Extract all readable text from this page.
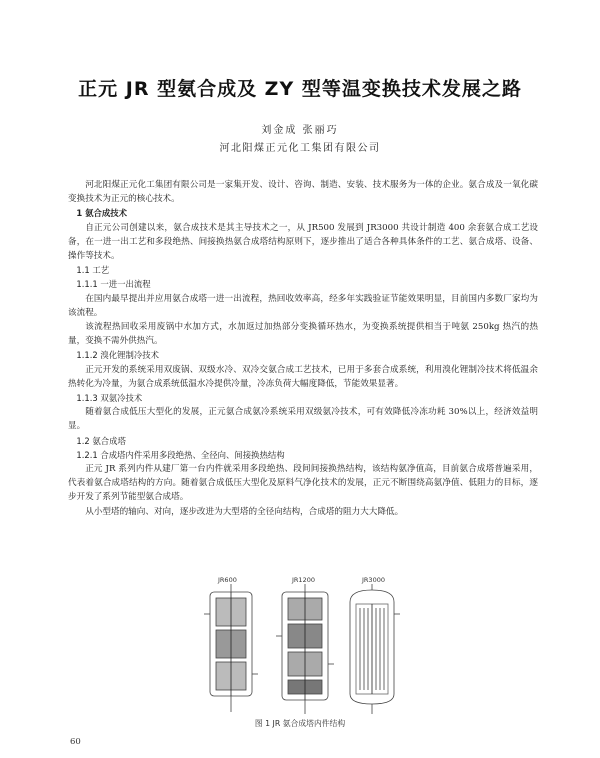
正元 JR 型氨合成及 ZY 型等温变换技术发展之路
刘金成 张丽巧
河北阳煤正元化工集团有限公司

河北阳煤正元化工集团有限公司是一家集开发、设计、咨询、制造、安装、技术服务为一体的企业。氨合成及一氧化碳变换技术为正元的核心技术。

1 氨合成技术

自正元公司创建以来，氨合成技术是其主导技术之一，从 JR500 发展到 JR3000 共设计制造 400 余套氨合成工艺设备，在一进一出工艺和多段绝热、间接换热氨合成塔结构原则下，逐步推出了适合各种具体条件的工艺、氨合成塔、设备、操作等技术。

1.1 工艺
1.1.1 一进一出流程

在国内最早提出并应用氨合成塔一进一出流程，热回收效率高，经多年实践验证节能效果明显，目前国内多数厂家均为该流程。

该流程热回收采用废锅中水加方式，水加返过加热部分变换循环热水，为变换系统提供相当于吨氨 250kg 热汽的热量，变换不需外供热汽。

1.1.2 溴化锂制冷技术

正元开发的系统采用双废锅、双级水冷、双冷交氨合成工艺技术，已用于多套合成系统，利用溴化锂制冷技术将低温余热转化为冷量，为氨合成系统低温水冷提供冷量，冷冻负荷大幅度降低，节能效果显著。

1.1.3 双氨冷技术

随着氨合成低压大型化的发展，正元氨合成氨冷系统采用双级氨冷技术，可有效降低冷冻功耗 30%以上，经济效益明显。

1.2 氨合成塔
1.2.1 合成塔内件采用多段绝热、全径向、间接换热结构

正元 JR 系列内件从建厂第一台内件就采用多段绝热、段间间接换热结构，该结构氨净值高，目前氨合成塔普遍采用，代表着氨合成塔结构的方向。随着氨合成低压大型化及原料气净化技术的发展，正元不断围绕高氨净值、低阻力的目标，逐步开发了系列节能型氨合成塔。

从小型塔的轴向、对向，逐步改进为大型塔的全径向结构，合成塔的阻力大大降低。

JR600	JR1200	JR3000
图 1 JR 氨合成塔内件结构
60
